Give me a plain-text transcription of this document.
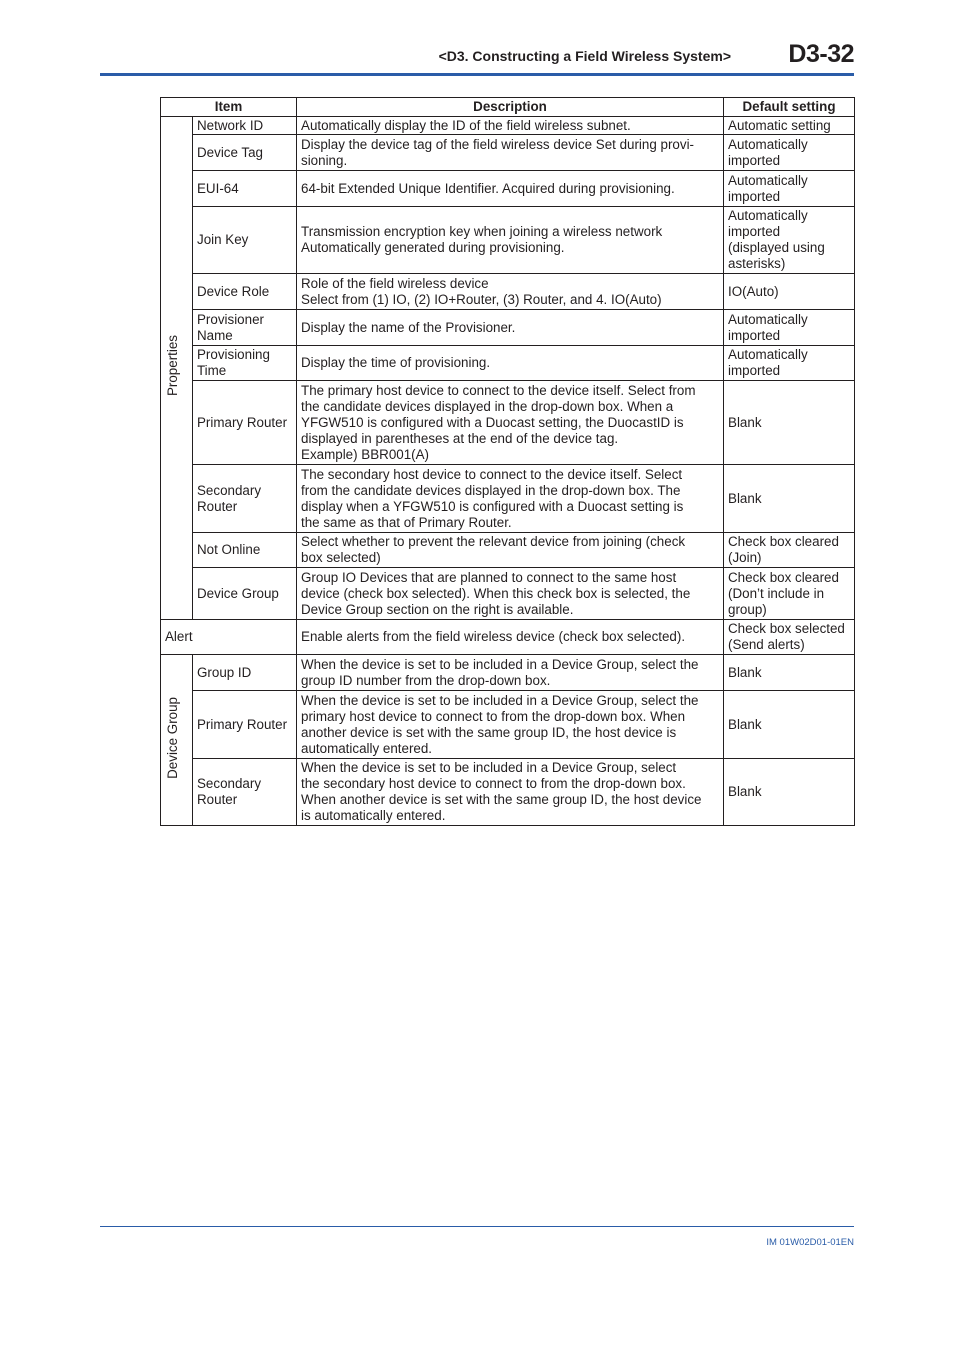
<D3. Constructing a Field Wireless System>	D3-32
Item		Description	Default setting
Properties	Network ID	Automatically display the ID of the field wireless subnet.	Automatic setting
	Device Tag	Display the device tag of the field wireless device Set during provi-
sioning.	Automatically
imported
	EUI-64	64-bit Extended Unique Identifier. Acquired during provisioning.	Automatically
imported
	Join Key	Transmission encryption key when joining a wireless network
Automatically generated during provisioning.	Automatically
imported
(displayed using
asterisks)
	Device Role	Role of the field wireless device
Select from (1) IO, (2) IO+Router, (3) Router, and 4. IO(Auto)	IO(Auto)
	Provisioner
Name	Display the name of the Provisioner.	Automatically
imported
	Provisioning
Time	Display the time of provisioning.	Automatically
imported
	Primary Router	The primary host device to connect to the device itself. Select from
the candidate devices displayed in the drop-down box. When a
YFGW510 is configured with a Duocast setting, the DuocastID is
displayed in parentheses at the end of the device tag.
Example) BBR001(A)	Blank
	Secondary
Router	The secondary host device to connect to the device itself. Select
from the candidate devices displayed in the drop-down box. The
display when a YFGW510 is configured with a Duocast setting is
the same as that of Primary Router.	Blank
	Not Online	Select whether to prevent the relevant device from joining (check
box selected)	Check box cleared
(Join)
	Device Group	Group IO Devices that are planned to connect to the same host
device (check box selected). When this check box is selected, the
Device Group section on the right is available.	Check box cleared
(Don’t include in
group)
Alert		Enable alerts from the field wireless device (check box selected).	Check box selected
(Send alerts)
Device Group	Group ID	When the device is set to be included in a Device Group, select the
group ID number from the drop-down box.	Blank
	Primary Router	When the device is set to be included in a Device Group, select the
primary host device to connect to from the drop-down box. When
another device is set with the same group ID, the host device is
automatically entered.	Blank
	Secondary
Router	When the device is set to be included in a Device Group, select
the secondary host device to connect to from the drop-down box.
When another device is set with the same group ID, the host device
is automatically entered.	Blank
IM 01W02D01-01EN
